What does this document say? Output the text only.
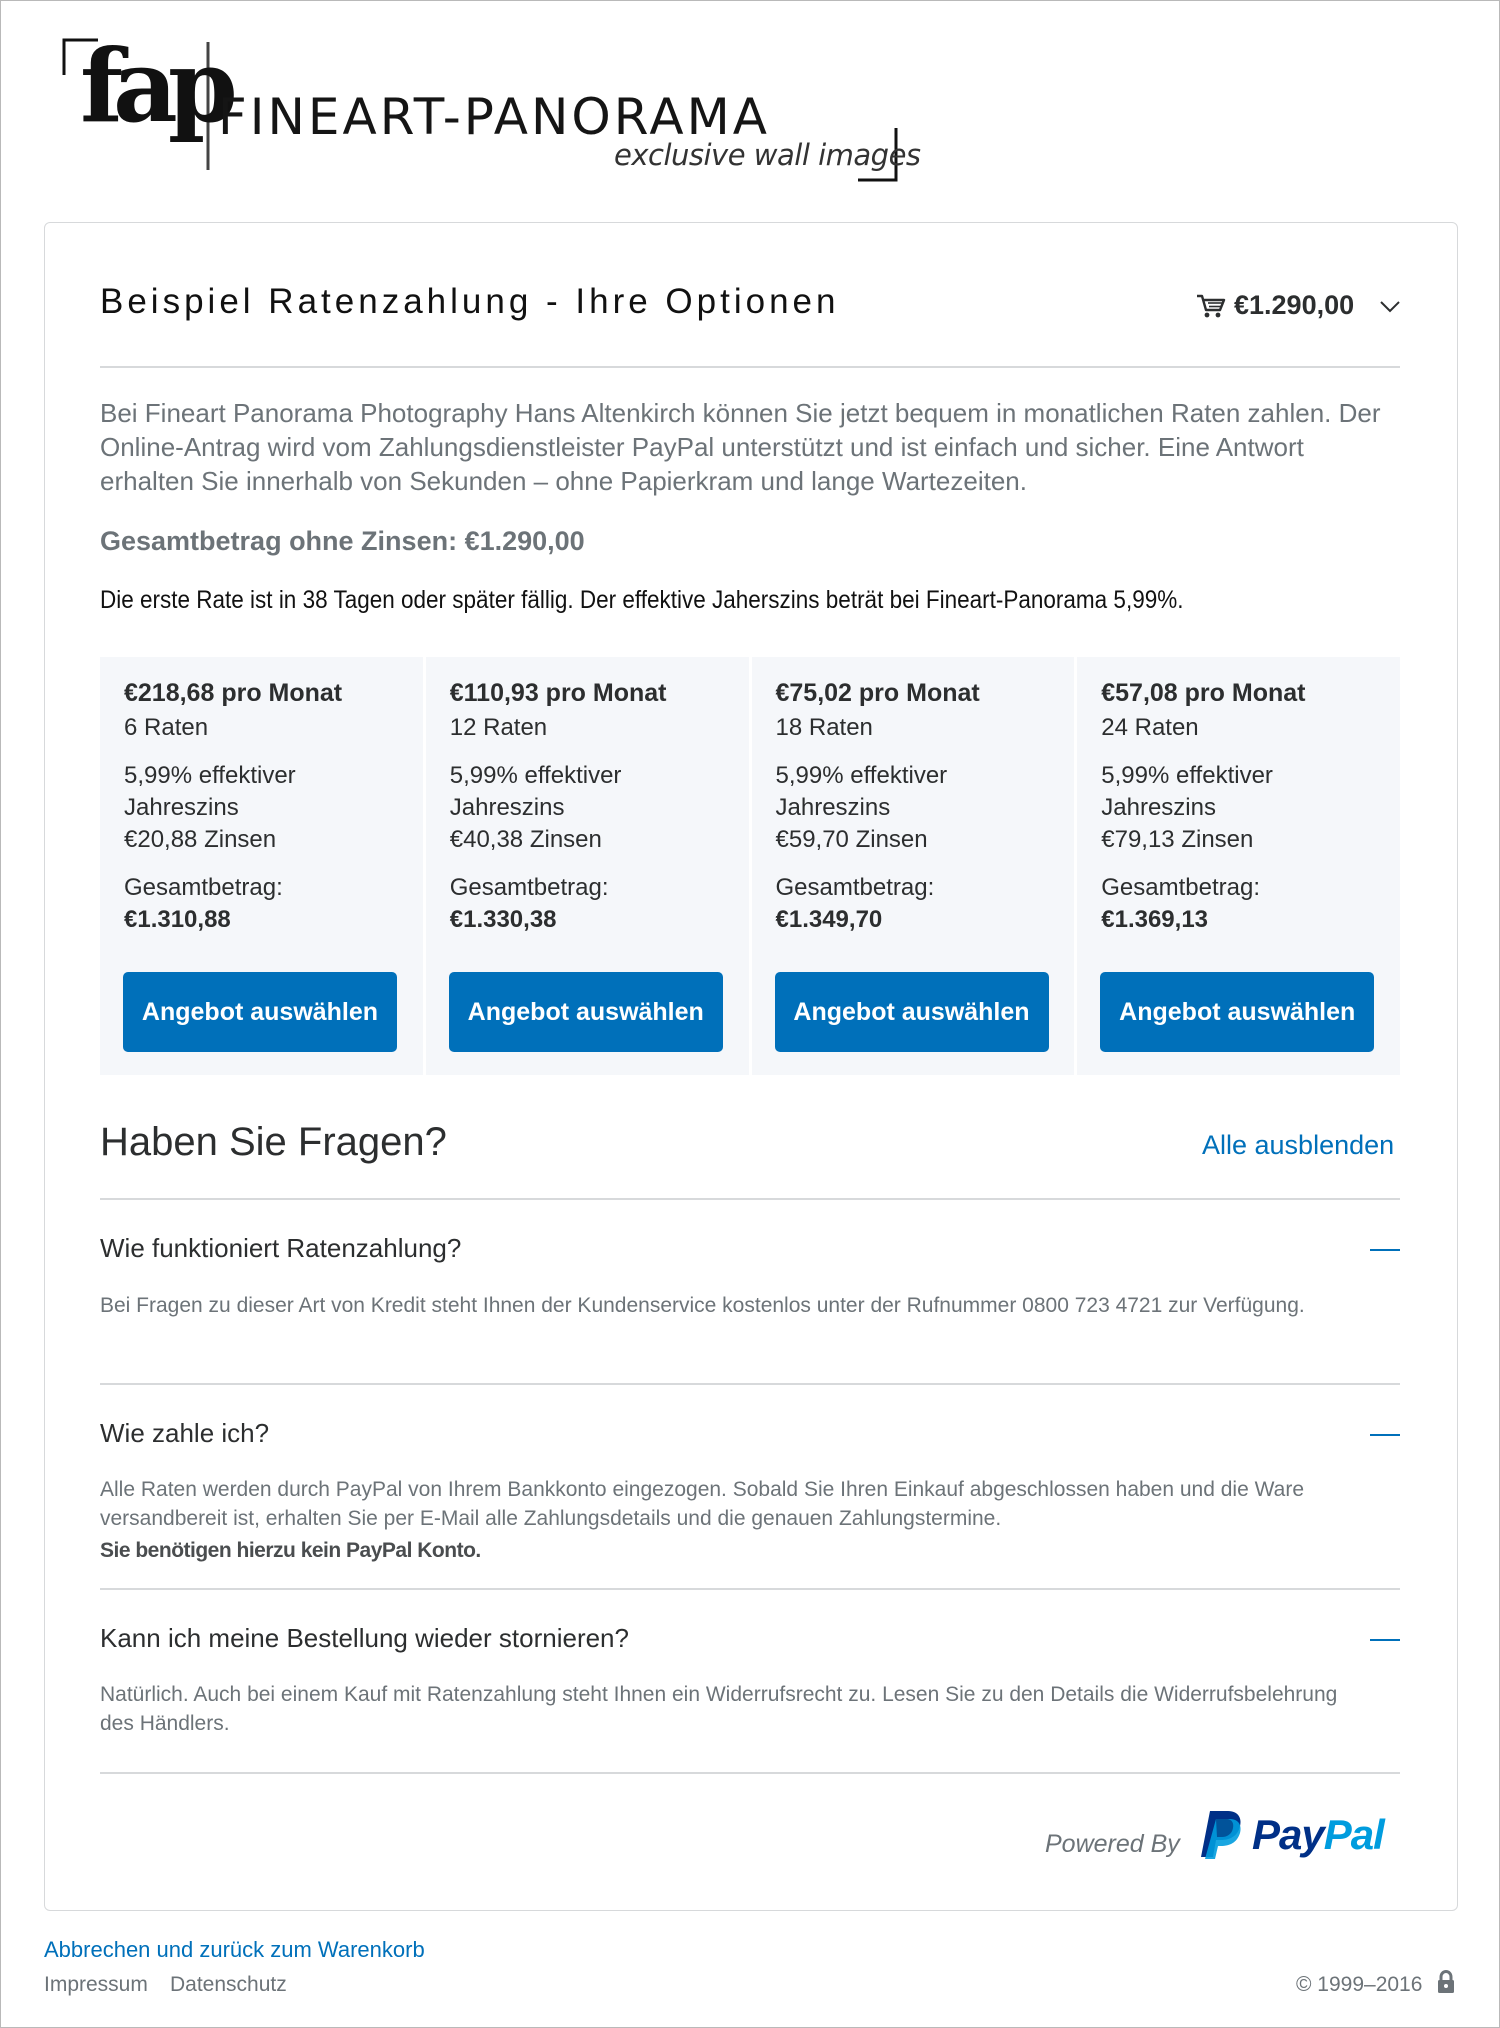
fap
FINEART-PANORAMA
exclusive wall images
Beispiel Ratenzahlung - Ihre Optionen	€1.290,00
Bei Fineart Panorama Photography Hans Altenkirch können Sie jetzt bequem in monatlichen Raten zahlen. Der Online-Antrag wird vom Zahlungsdienstleister PayPal unterstützt und ist einfach und sicher. Eine Antwort erhalten Sie innerhalb von Sekunden – ohne Papierkram und lange Wartezeiten.
Gesamtbetrag ohne Zinsen: €1.290,00
Die erste Rate ist in 38 Tagen oder später fällig. Der effektive Jaherszins beträt bei Fineart-Panorama 5,99%.
€218,68 pro Monat
6 Raten
5,99% effektiver
Jahreszins
€20,88 Zinsen
Gesamtbetrag:
€1.310,88
Angebot auswählen
€110,93 pro Monat
12 Raten
5,99% effektiver
Jahreszins
€40,38 Zinsen
Gesamtbetrag:
€1.330,38
Angebot auswählen
€75,02 pro Monat
18 Raten
5,99% effektiver
Jahreszins
€59,70 Zinsen
Gesamtbetrag:
€1.349,70
Angebot auswählen
€57,08 pro Monat
24 Raten
5,99% effektiver
Jahreszins
€79,13 Zinsen
Gesamtbetrag:
€1.369,13
Angebot auswählen
Haben Sie Fragen?	Alle ausblenden
Wie funktioniert Ratenzahlung?
Bei Fragen zu dieser Art von Kredit steht Ihnen der Kundenservice kostenlos unter der Rufnummer 0800 723 4721 zur Verfügung.
Wie zahle ich?
Alle Raten werden durch PayPal von Ihrem Bankkonto eingezogen. Sobald Sie Ihren Einkauf abgeschlossen haben und die Ware versandbereit ist, erhalten Sie per E-Mail alle Zahlungsdetails und die genauen Zahlungstermine.
Sie benötigen hierzu kein PayPal Konto.
Kann ich meine Bestellung wieder stornieren?
Natürlich. Auch bei einem Kauf mit Ratenzahlung steht Ihnen ein Widerrufsrecht zu. Lesen Sie zu den Details die Widerrufsbelehrung des Händlers.
Powered By PayPal
Abbrechen und zurück zum Warenkorb
Impressum Datenschutz	© 1999–2016
